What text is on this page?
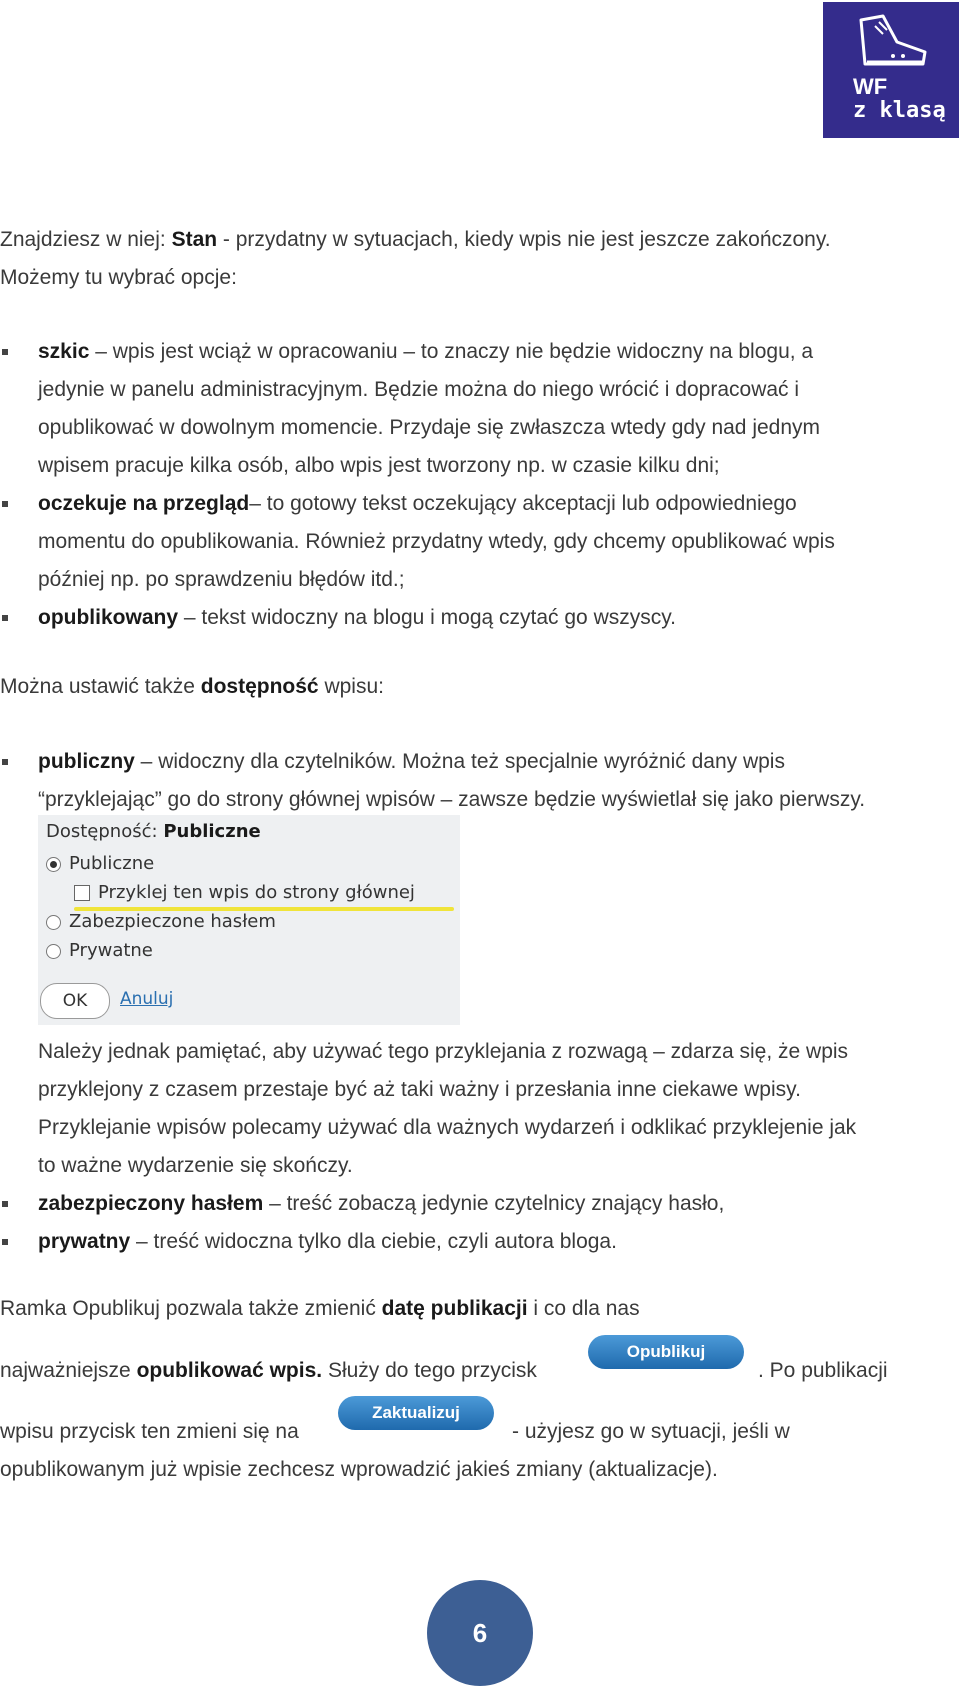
WF
z klasą
Znajdziesz w niej: Stan - przydatny w sytuacjach, kiedy wpis nie jest jeszcze zakończony.
Możemy tu wybrać opcje:
szkic – wpis jest wciąż w opracowaniu – to znaczy nie będzie widoczny na blogu, a
jedynie w panelu administracyjnym. Będzie można do niego wrócić i dopracować i
opublikować w dowolnym momencie. Przydaje się zwłaszcza wtedy gdy nad jednym
wpisem pracuje kilka osób, albo wpis jest tworzony np. w czasie kilku dni;
oczekuje na przegląd– to gotowy tekst oczekujący akceptacji lub odpowiedniego
momentu do opublikowania. Również przydatny wtedy, gdy chcemy opublikować wpis
później np. po sprawdzeniu błędów itd.;
opublikowany – tekst widoczny na blogu i mogą czytać go wszyscy.
Można ustawić także dostępność wpisu:
publiczny – widoczny dla czytelników. Można też specjalnie wyróżnić dany wpis
“przyklejając” go do strony głównej wpisów – zawsze będzie wyświetlał się jako pierwszy.
Dostępność: Publiczne
Publiczne
Przyklej ten wpis do strony głównej
Zabezpieczone hasłem
Prywatne
OK	Anuluj
Należy jednak pamiętać, aby używać tego przyklejania z rozwagą – zdarza się, że wpis
przyklejony z czasem przestaje być aż taki ważny i przesłania inne ciekawe wpisy.
Przyklejanie wpisów polecamy używać dla ważnych wydarzeń i odklikać przyklejenie jak
to ważne wydarzenie się skończy.
zabezpieczony hasłem – treść zobaczą jedynie czytelnicy znający hasło,
prywatny – treść widoczna tylko dla ciebie, czyli autora bloga.
Ramka Opublikuj pozwala także zmienić datę publikacji i co dla nas
najważniejsze opublikować wpis. Służy do tego przycisk
Opublikuj
. Po publikacji
wpisu przycisk ten zmieni się na
Zaktualizuj
- użyjesz go w sytuacji, jeśli w
opublikowanym już wpisie zechcesz wprowadzić jakieś zmiany (aktualizacje).
6
